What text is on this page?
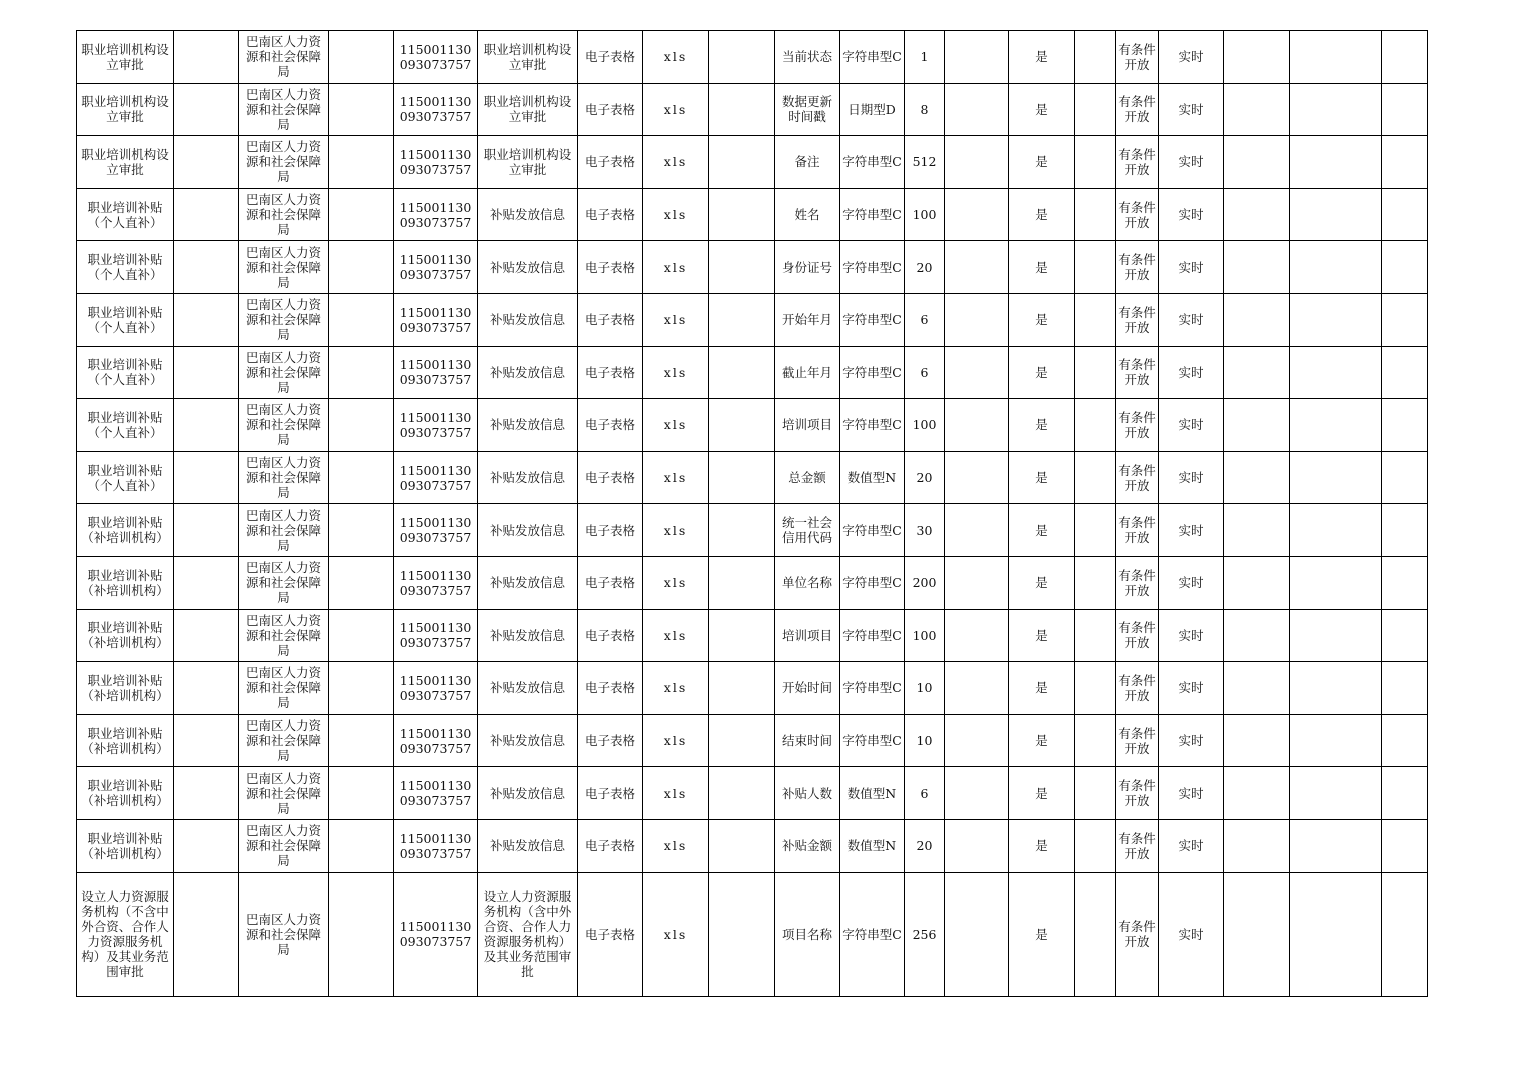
职业培训机构设立审批		巴南区人力资源和社会保障局		115001130093073757	职业培训机构设立审批	电子表格	xls		当前状态	字符串型C	1		是		有条件开放	实时			
职业培训机构设立审批		巴南区人力资源和社会保障局		115001130093073757	职业培训机构设立审批	电子表格	xls		数据更新时间戳	日期型D	8		是		有条件开放	实时			
职业培训机构设立审批		巴南区人力资源和社会保障局		115001130093073757	职业培训机构设立审批	电子表格	xls		备注	字符串型C	512		是		有条件开放	实时			
职业培训补贴（个人直补）		巴南区人力资源和社会保障局		115001130093073757	补贴发放信息	电子表格	xls		姓名	字符串型C	100		是		有条件开放	实时			
职业培训补贴（个人直补）		巴南区人力资源和社会保障局		115001130093073757	补贴发放信息	电子表格	xls		身份证号	字符串型C	20		是		有条件开放	实时			
职业培训补贴（个人直补）		巴南区人力资源和社会保障局		115001130093073757	补贴发放信息	电子表格	xls		开始年月	字符串型C	6		是		有条件开放	实时			
职业培训补贴（个人直补）		巴南区人力资源和社会保障局		115001130093073757	补贴发放信息	电子表格	xls		截止年月	字符串型C	6		是		有条件开放	实时			
职业培训补贴（个人直补）		巴南区人力资源和社会保障局		115001130093073757	补贴发放信息	电子表格	xls		培训项目	字符串型C	100		是		有条件开放	实时			
职业培训补贴（个人直补）		巴南区人力资源和社会保障局		115001130093073757	补贴发放信息	电子表格	xls		总金额	数值型N	20		是		有条件开放	实时			
职业培训补贴（补培训机构）		巴南区人力资源和社会保障局		115001130093073757	补贴发放信息	电子表格	xls		统一社会信用代码	字符串型C	30		是		有条件开放	实时			
职业培训补贴（补培训机构）		巴南区人力资源和社会保障局		115001130093073757	补贴发放信息	电子表格	xls		单位名称	字符串型C	200		是		有条件开放	实时			
职业培训补贴（补培训机构）		巴南区人力资源和社会保障局		115001130093073757	补贴发放信息	电子表格	xls		培训项目	字符串型C	100		是		有条件开放	实时			
职业培训补贴（补培训机构）		巴南区人力资源和社会保障局		115001130093073757	补贴发放信息	电子表格	xls		开始时间	字符串型C	10		是		有条件开放	实时			
职业培训补贴（补培训机构）		巴南区人力资源和社会保障局		115001130093073757	补贴发放信息	电子表格	xls		结束时间	字符串型C	10		是		有条件开放	实时			
职业培训补贴（补培训机构）		巴南区人力资源和社会保障局		115001130093073757	补贴发放信息	电子表格	xls		补贴人数	数值型N	6		是		有条件开放	实时			
职业培训补贴（补培训机构）		巴南区人力资源和社会保障局		115001130093073757	补贴发放信息	电子表格	xls		补贴金额	数值型N	20		是		有条件开放	实时			
设立人力资源服务机构（不含中外合资、合作人力资源服务机构）及其业务范围审批		巴南区人力资源和社会保障局		115001130093073757	设立人力资源服务机构（含中外合资、合作人力资源服务机构）及其业务范围审批	电子表格	xls		项目名称	字符串型C	256		是		有条件开放	实时			
